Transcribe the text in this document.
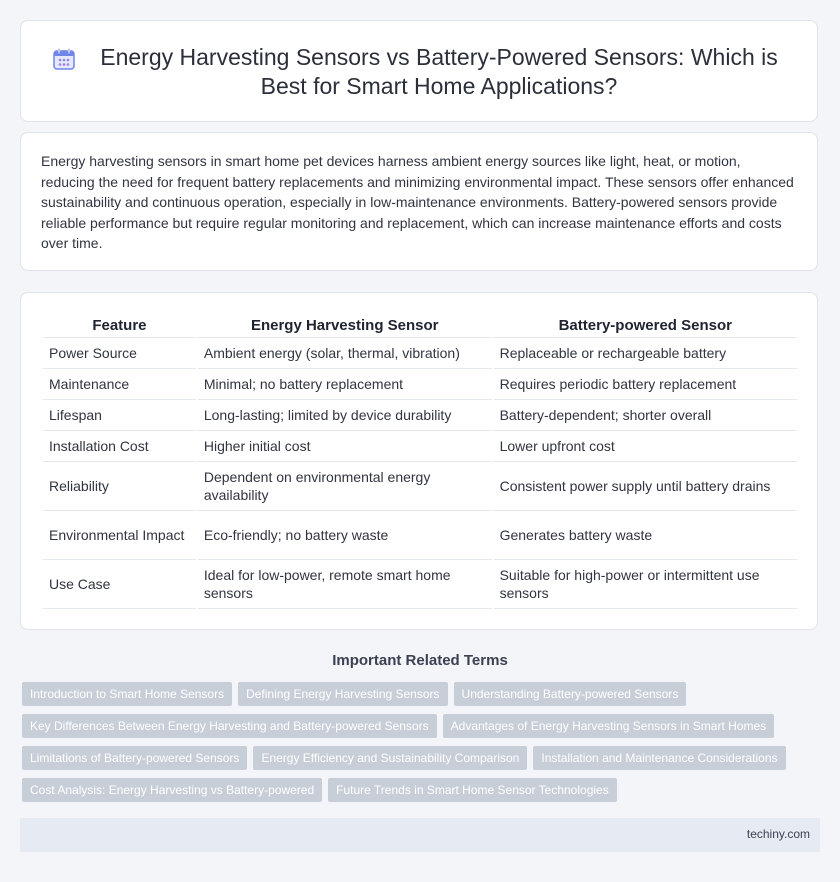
Energy Harvesting Sensors vs Battery-Powered Sensors: Which is Best for Smart Home Applications?

Energy harvesting sensors in smart home pet devices harness ambient energy sources like light, heat, or motion, reducing the need for frequent battery replacements and minimizing environmental impact. These sensors offer enhanced sustainability and continuous operation, especially in low-maintenance environments. Battery-powered sensors provide reliable performance but require regular monitoring and replacement, which can increase maintenance efforts and costs over time.

Feature	Energy Harvesting Sensor	Battery-powered Sensor
Power Source	Ambient energy (solar, thermal, vibration)	Replaceable or rechargeable battery
Maintenance	Minimal; no battery replacement	Requires periodic battery replacement
Lifespan	Long-lasting; limited by device durability	Battery-dependent; shorter overall
Installation Cost	Higher initial cost	Lower upfront cost
Reliability	Dependent on environmental energy availability	Consistent power supply until battery drains
Environmental Impact	Eco-friendly; no battery waste	Generates battery waste
Use Case	Ideal for low-power, remote smart home sensors	Suitable for high-power or intermittent use sensors
Important Related Terms
Introduction to Smart Home Sensors	Defining Energy Harvesting Sensors	Understanding Battery-powered Sensors
Key Differences Between Energy Harvesting and Battery-powered Sensors	Advantages of Energy Harvesting Sensors in Smart Homes
Limitations of Battery-powered Sensors	Energy Efficiency and Sustainability Comparison	Installation and Maintenance Considerations
Cost Analysis: Energy Harvesting vs Battery-powered	Future Trends in Smart Home Sensor Technologies
techiny.com
